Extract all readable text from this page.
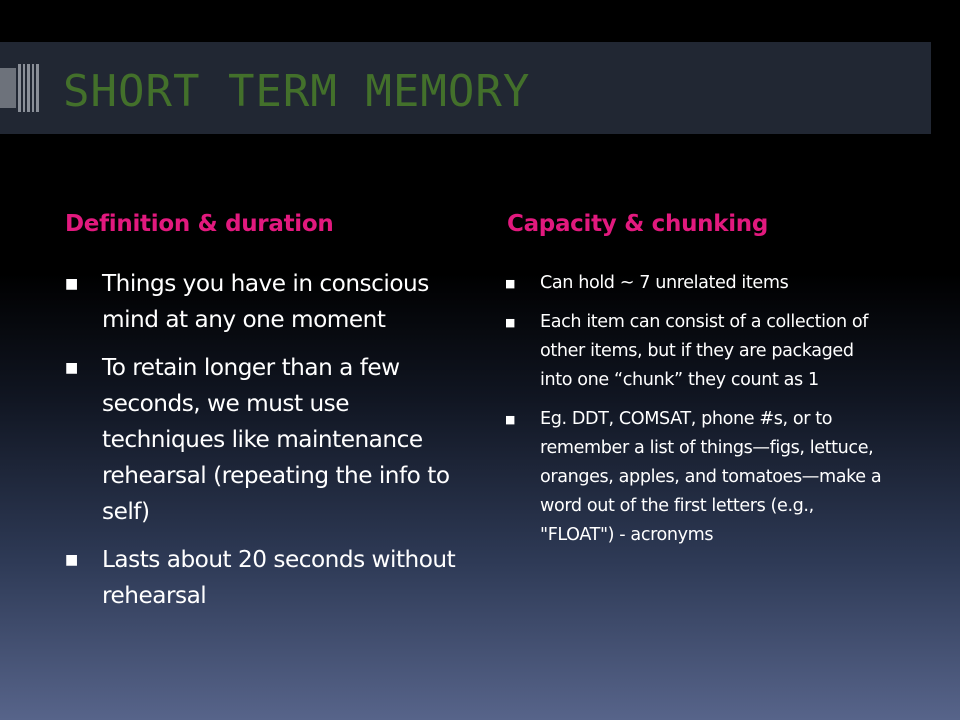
SHORT TERM MEMORY
Definition & duration	Capacity & chunking
■ Things you have in conscious mind at any one moment
■ To retain longer than a few seconds, we must use techniques like maintenance rehearsal (repeating the info to self)
■ Lasts about 20 seconds without rehearsal
■ Can hold ~ 7 unrelated items
■ Each item can consist of a collection of other items, but if they are packaged into one “chunk” they count as 1
■ Eg. DDT, COMSAT, phone #s, or to remember a list of things—figs, lettuce, oranges, apples, and tomatoes—make a word out of the first letters (e.g., "FLOAT") - acronyms
